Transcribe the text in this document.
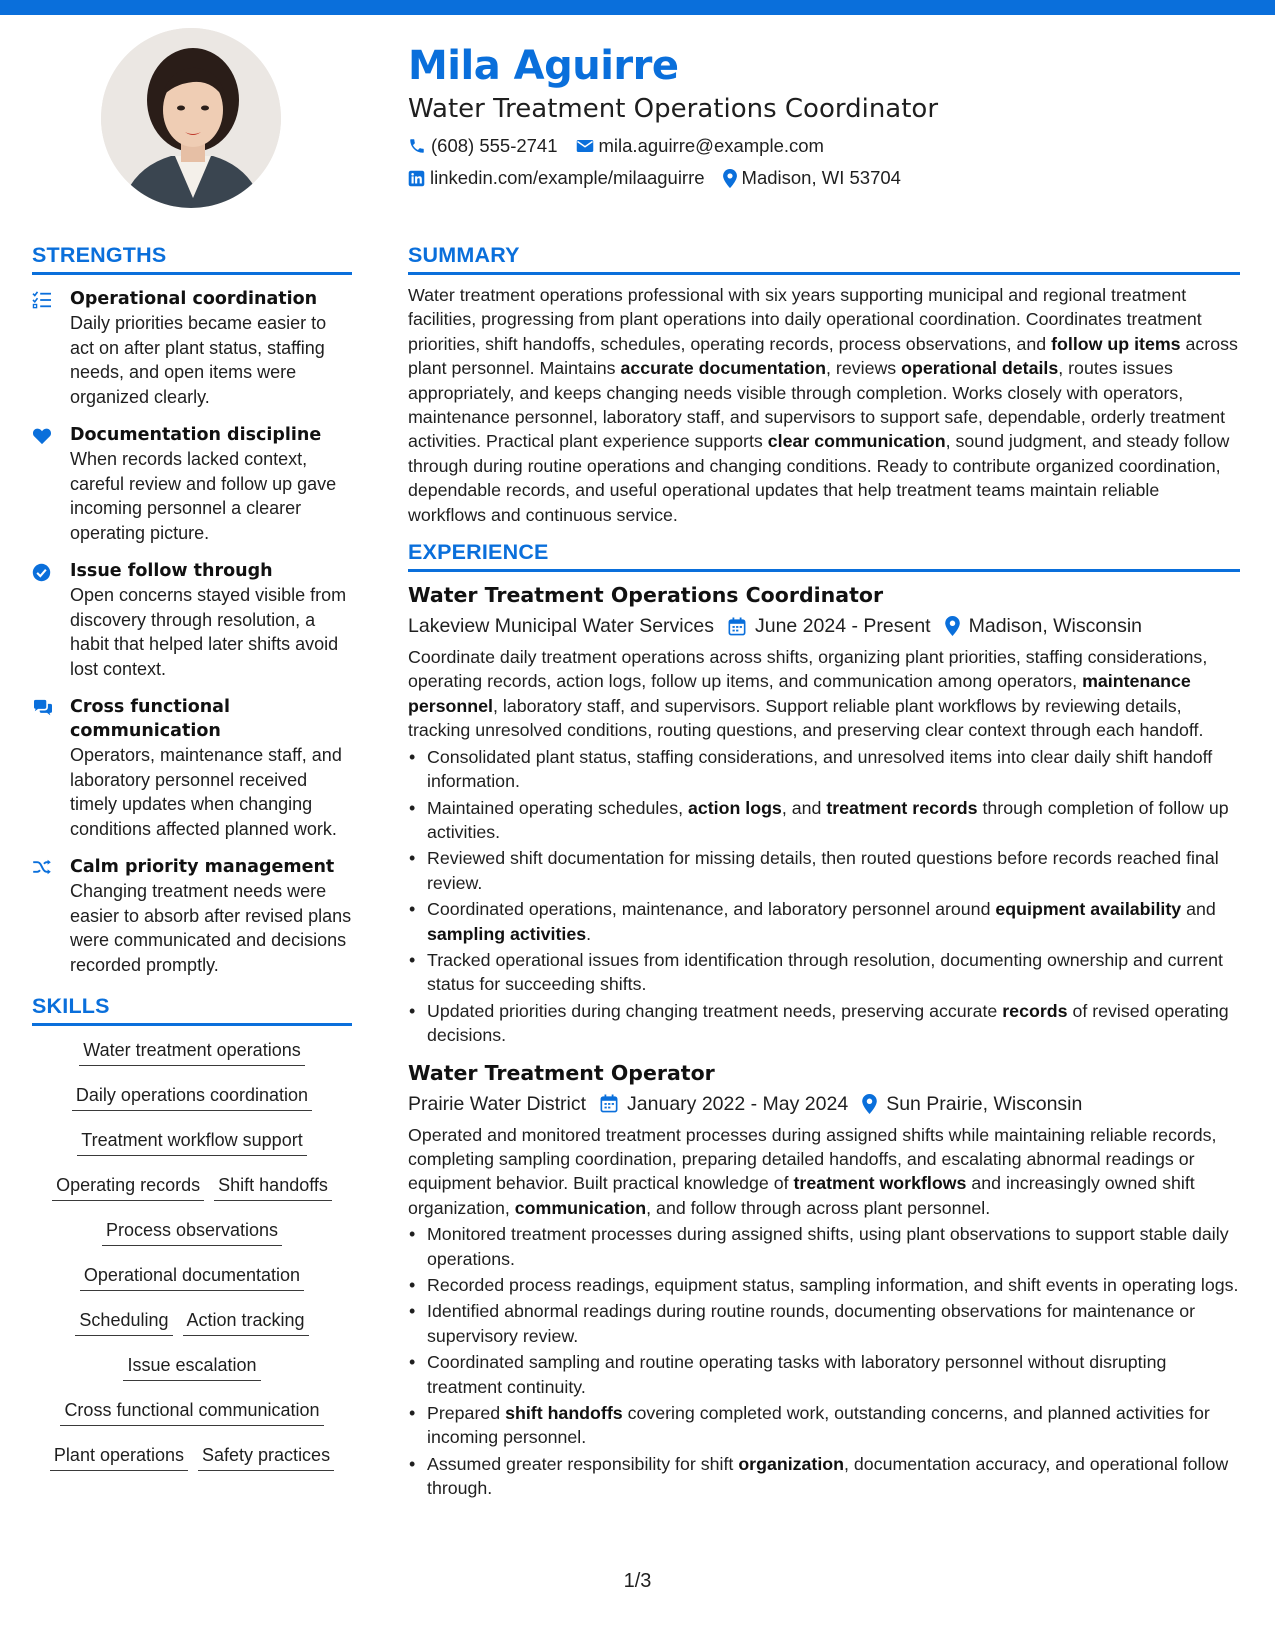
Mila Aguirre
Water Treatment Operations Coordinator
(608) 555-2741 mila.aguirre@example.com
linkedin.com/example/milaaguirre Madison, WI 53704
STRENGTHS
Operational coordination
Daily priorities became easier to act on after plant status, staffing needs, and open items were organized clearly.
Documentation discipline
When records lacked context, careful review and follow up gave incoming personnel a clearer operating picture.
Issue follow through
Open concerns stayed visible from discovery through resolution, a habit that helped later shifts avoid lost context.
Cross functional communication
Operators, maintenance staff, and laboratory personnel received timely updates when changing conditions affected planned work.
Calm priority management
Changing treatment needs were easier to absorb after revised plans were communicated and decisions recorded promptly.
SKILLS
Water treatment operations
Daily operations coordination
Treatment workflow support
Operating records Shift handoffs
Process observations
Operational documentation
Scheduling Action tracking
Issue escalation
Cross functional communication
Plant operations Safety practices
SUMMARY
Water treatment operations professional with six years supporting municipal and regional treatment facilities, progressing from plant operations into daily operational coordination. Coordinates treatment priorities, shift handoffs, schedules, operating records, process observations, and follow up items across plant personnel. Maintains accurate documentation, reviews operational details, routes issues appropriately, and keeps changing needs visible through completion. Works closely with operators, maintenance personnel, laboratory staff, and supervisors to support safe, dependable, orderly treatment activities. Practical plant experience supports clear communication, sound judgment, and steady follow through during routine operations and changing conditions. Ready to contribute organized coordination, dependable records, and useful operational updates that help treatment teams maintain reliable workflows and continuous service.
EXPERIENCE
Water Treatment Operations Coordinator
Lakeview Municipal Water Services June 2024 - Present Madison, Wisconsin
Coordinate daily treatment operations across shifts, organizing plant priorities, staffing considerations, operating records, action logs, follow up items, and communication among operators, maintenance personnel, laboratory staff, and supervisors. Support reliable plant workflows by reviewing details, tracking unresolved conditions, routing questions, and preserving clear context through each handoff.
• Consolidated plant status, staffing considerations, and unresolved items into clear daily shift handoff information.
• Maintained operating schedules, action logs, and treatment records through completion of follow up activities.
• Reviewed shift documentation for missing details, then routed questions before records reached final review.
• Coordinated operations, maintenance, and laboratory personnel around equipment availability and sampling activities.
• Tracked operational issues from identification through resolution, documenting ownership and current status for succeeding shifts.
• Updated priorities during changing treatment needs, preserving accurate records of revised operating decisions.
Water Treatment Operator
Prairie Water District January 2022 - May 2024 Sun Prairie, Wisconsin
Operated and monitored treatment processes during assigned shifts while maintaining reliable records, completing sampling coordination, preparing detailed handoffs, and escalating abnormal readings or equipment behavior. Built practical knowledge of treatment workflows and increasingly owned shift organization, communication, and follow through across plant personnel.
• Monitored treatment processes during assigned shifts, using plant observations to support stable daily operations.
• Recorded process readings, equipment status, sampling information, and shift events in operating logs.
• Identified abnormal readings during routine rounds, documenting observations for maintenance or supervisory review.
• Coordinated sampling and routine operating tasks with laboratory personnel without disrupting treatment continuity.
• Prepared shift handoffs covering completed work, outstanding concerns, and planned activities for incoming personnel.
• Assumed greater responsibility for shift organization, documentation accuracy, and operational follow through.
1/3
